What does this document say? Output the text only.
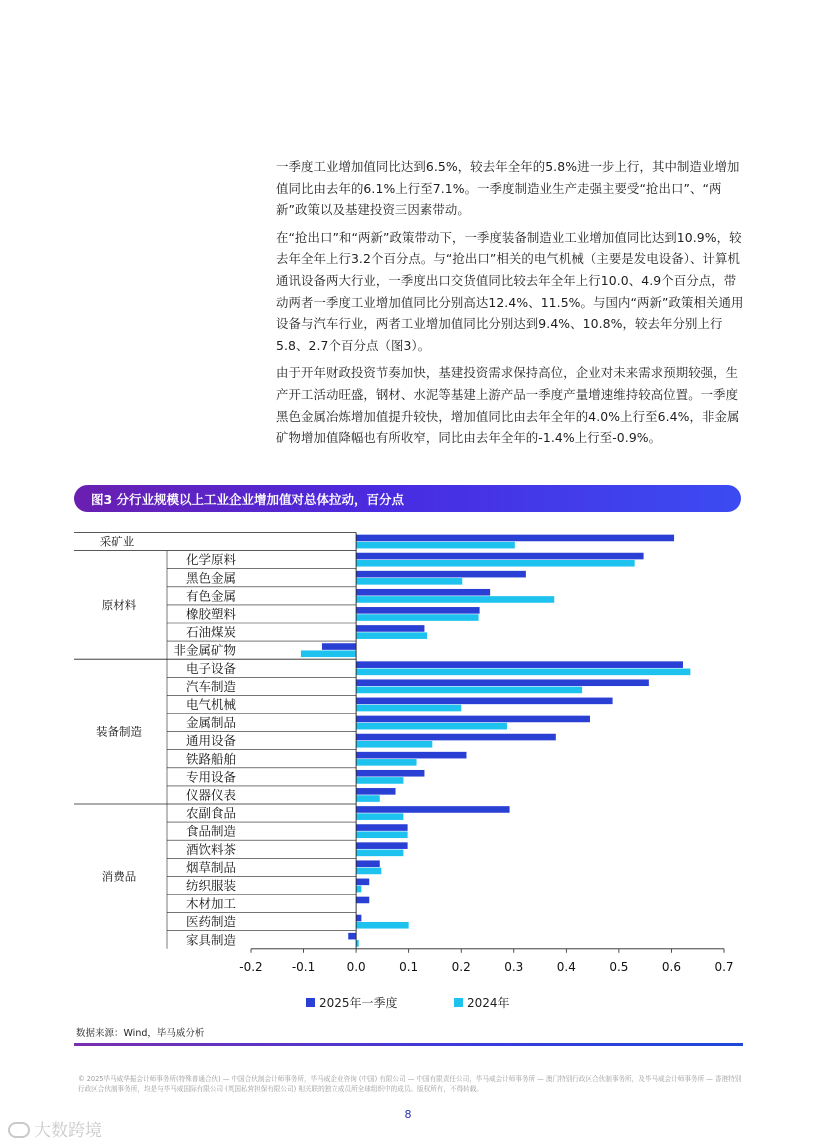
一季度工业增加值同比达到6.5%，较去年全年的5.8%进一步上行，其中制造业增加值同比由去年的6.1%上行至7.1%。一季度制造业生产走强主要受“抢出口”、“两新”政策以及基建投资三因素带动。

在“抢出口”和“两新”政策带动下，一季度装备制造业工业增加值同比达到10.9%，较去年全年上行3.2个百分点。与“抢出口”相关的电气机械（主要是发电设备）、计算机通讯设备两大行业，一季度出口交货值同比较去年全年上行10.0、4.9个百分点，带动两者一季度工业增加值同比分别高达12.4%、11.5%。与国内“两新”政策相关通用设备与汽车行业，两者工业增加值同比分别达到9.4%、10.8%，较去年分别上行5.8、2.7个百分点（图3）。

由于开年财政投资节奏加快，基建投资需求保持高位，企业对未来需求预期较强，生产开工活动旺盛，钢材、水泥等基建上游产品一季度产量增速维持较高位置。一季度黑色金属冶炼增加值提升较快，增加值同比由去年全年的4.0%上行至6.4%，非金属矿物增加值降幅也有所收窄，同比由去年全年的-1.4%上行至-0.9%。

图3 分行业规模以上工业企业增加值对总体拉动，百分点
采矿业
原材料
装备制造
消费品
化学原料
黑色金属
有色金属
橡胶塑料
石油煤炭
非金属矿物
电子设备
汽车制造
电气机械
金属制品
通用设备
铁路船舶
专用设备
仪器仪表
农副食品
食品制造
酒饮料茶
烟草制品
纺织服装
木材加工
医药制造
家具制造
-0.2 -0.1	0.0	0.1	0.2	0.3	0.4	0.5	0.6	0.7
2025年一季度	2024年
数据来源：Wind，毕马威分析
© 2025毕马威华振会计师事务所(特殊普通合伙) — 中国合伙制会计师事务所，毕马威企业咨询 (中国) 有限公司 — 中国有限责任公司，毕马威会计师事务所 — 澳门特别行政区合伙制事务所，及毕马威会计师事务所 — 香港特别行政区合伙制事务所，均是与毕马威国际有限公司 (英国私营担保有限公司) 相关联的独立成员所全球组织中的成员。版权所有，不得转载。
8
大数跨境
